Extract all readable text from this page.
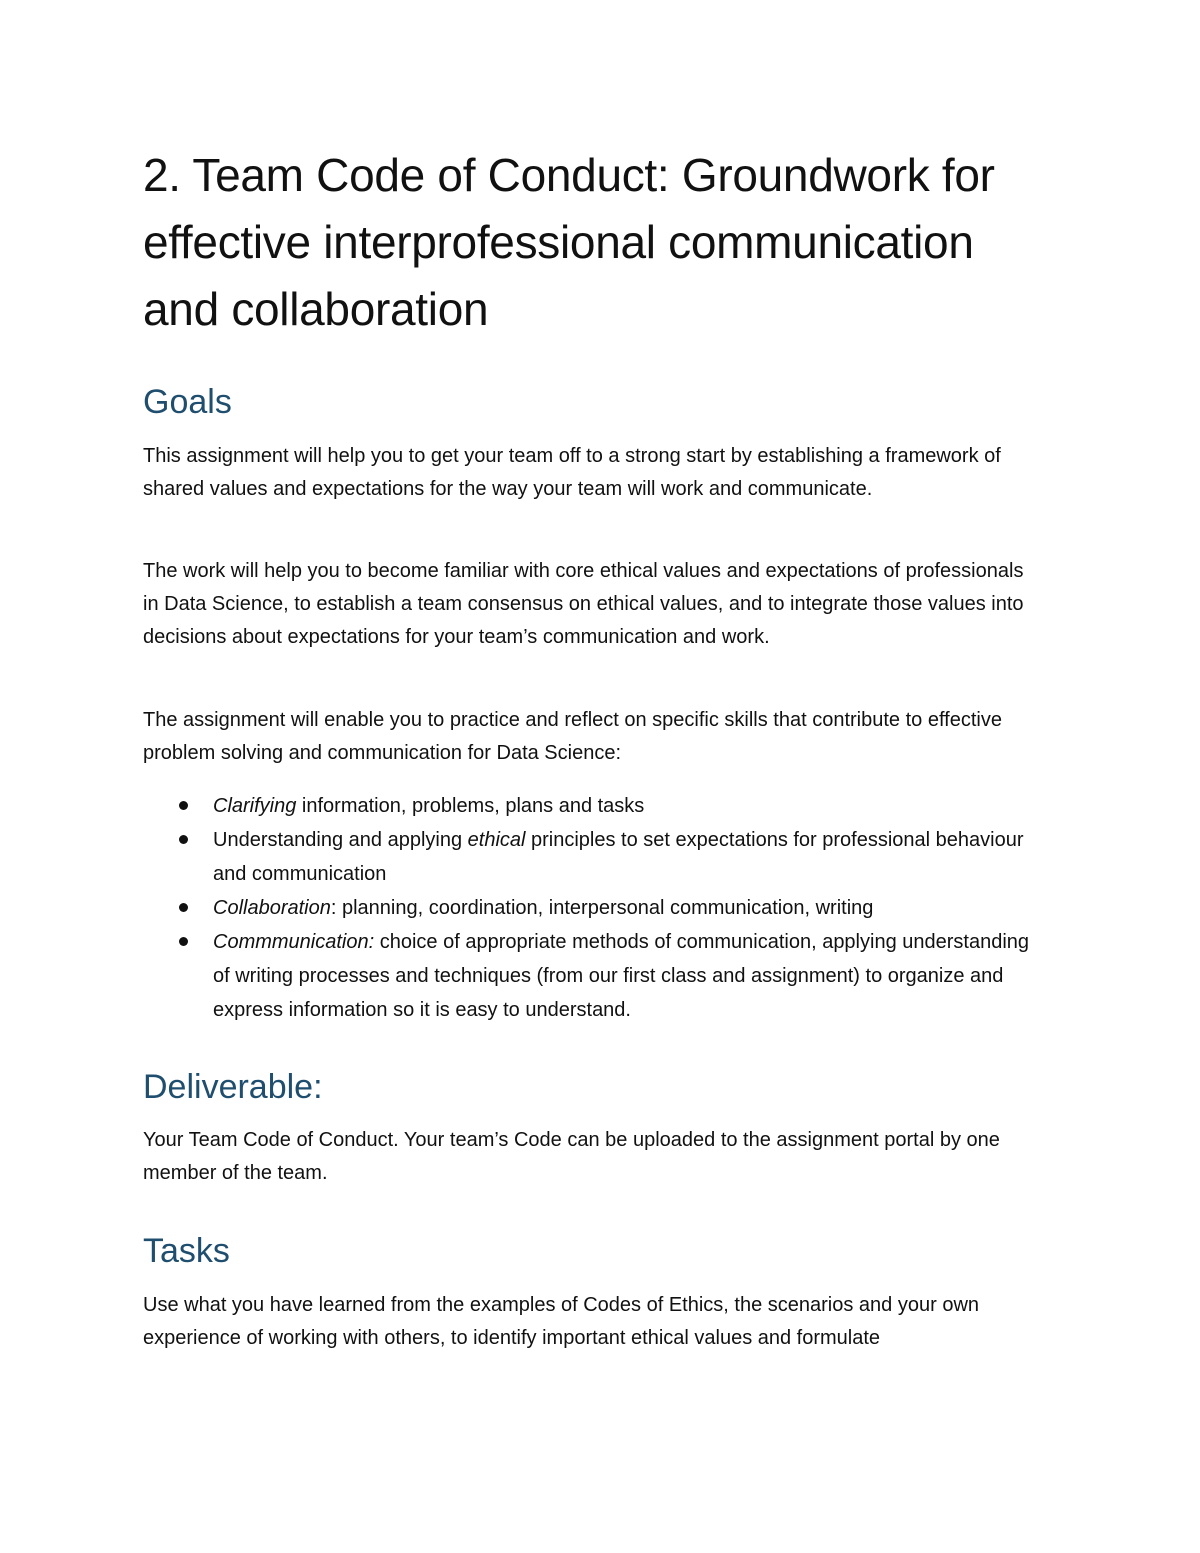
2. Team Code of Conduct: Groundwork for effective interprofessional communication and collaboration
Goals

This assignment will help you to get your team off to a strong start by establishing a framework of shared values and expectations for the way your team will work and communicate.

The work will help you to become familiar with core ethical values and expectations of professionals in Data Science, to establish a team consensus on ethical values, and to integrate those values into decisions about expectations for your team’s communication and work.

The assignment will enable you to practice and reflect on specific skills that contribute to effective problem solving and communication for Data Science:

Clarifying information, problems, plans and tasks
Understanding and applying ethical principles to set expectations for professional behaviour and communication
Collaboration: planning, coordination, interpersonal communication, writing
Commmunication: choice of appropriate methods of communication, applying understanding of writing processes and techniques (from our first class and assignment) to organize and express information so it is easy to understand.
Deliverable:

Your Team Code of Conduct. Your team’s Code can be uploaded to the assignment portal by one member of the team.

Tasks

Use what you have learned from the examples of Codes of Ethics, the scenarios and your own experience of working with others, to identify important ethical values and formulate
